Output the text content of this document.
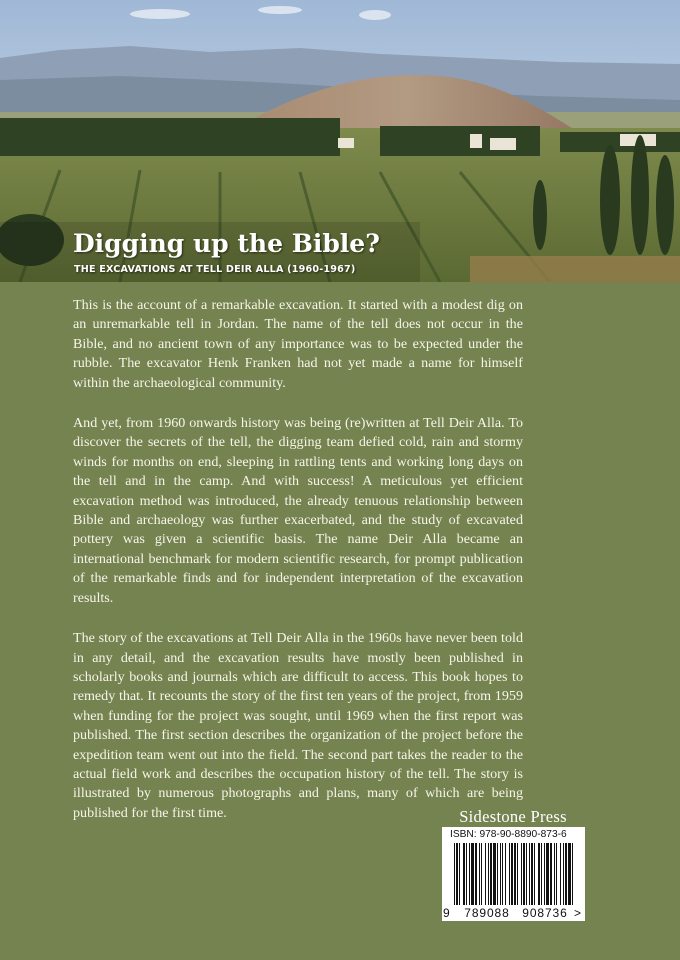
Digging up the Bible?
THE EXCAVATIONS AT TELL DEIR ALLA (1960-1967)

This is the account of a remarkable excavation. It started with a modest dig on an unremarkable tell in Jordan. The name of the tell does not occur in the Bible, and no ancient town of any importance was to be expected under the rubble. The excavator Henk Franken had not yet made a name for himself within the archaeological community.

And yet, from 1960 onwards history was being (re)written at Tell Deir Alla. To discover the secrets of the tell, the digging team defied cold, rain and stormy winds for months on end, sleeping in rattling tents and working long days on the tell and in the camp. And with success! A meticulous yet efficient excavation method was introduced, the already tenuous relationship between Bible and archaeology was further exacerbated, and the study of excavated pottery was given a scientific basis. The name Deir Alla became an international benchmark for modern scientific research, for prompt publication of the remarkable finds and for independent interpretation of the excavation results.

The story of the excavations at Tell Deir Alla in the 1960s have never been told in any detail, and the excavation results have mostly been published in scholarly books and journals which are difficult to access. This book hopes to remedy that. It recounts the story of the first ten years of the project, from 1959 when funding for the project was sought, until 1969 when the first report was published. The first section describes the organization of the project before the expedition team went out into the field. The second part takes the reader to the actual field work and describes the occupation history of the tell. The story is illustrated by numerous photographs and plans, many of which are being published for the first time.	Sidestone Press
ISBN: 978-90-8890-873-6
9	789088	908736 >
